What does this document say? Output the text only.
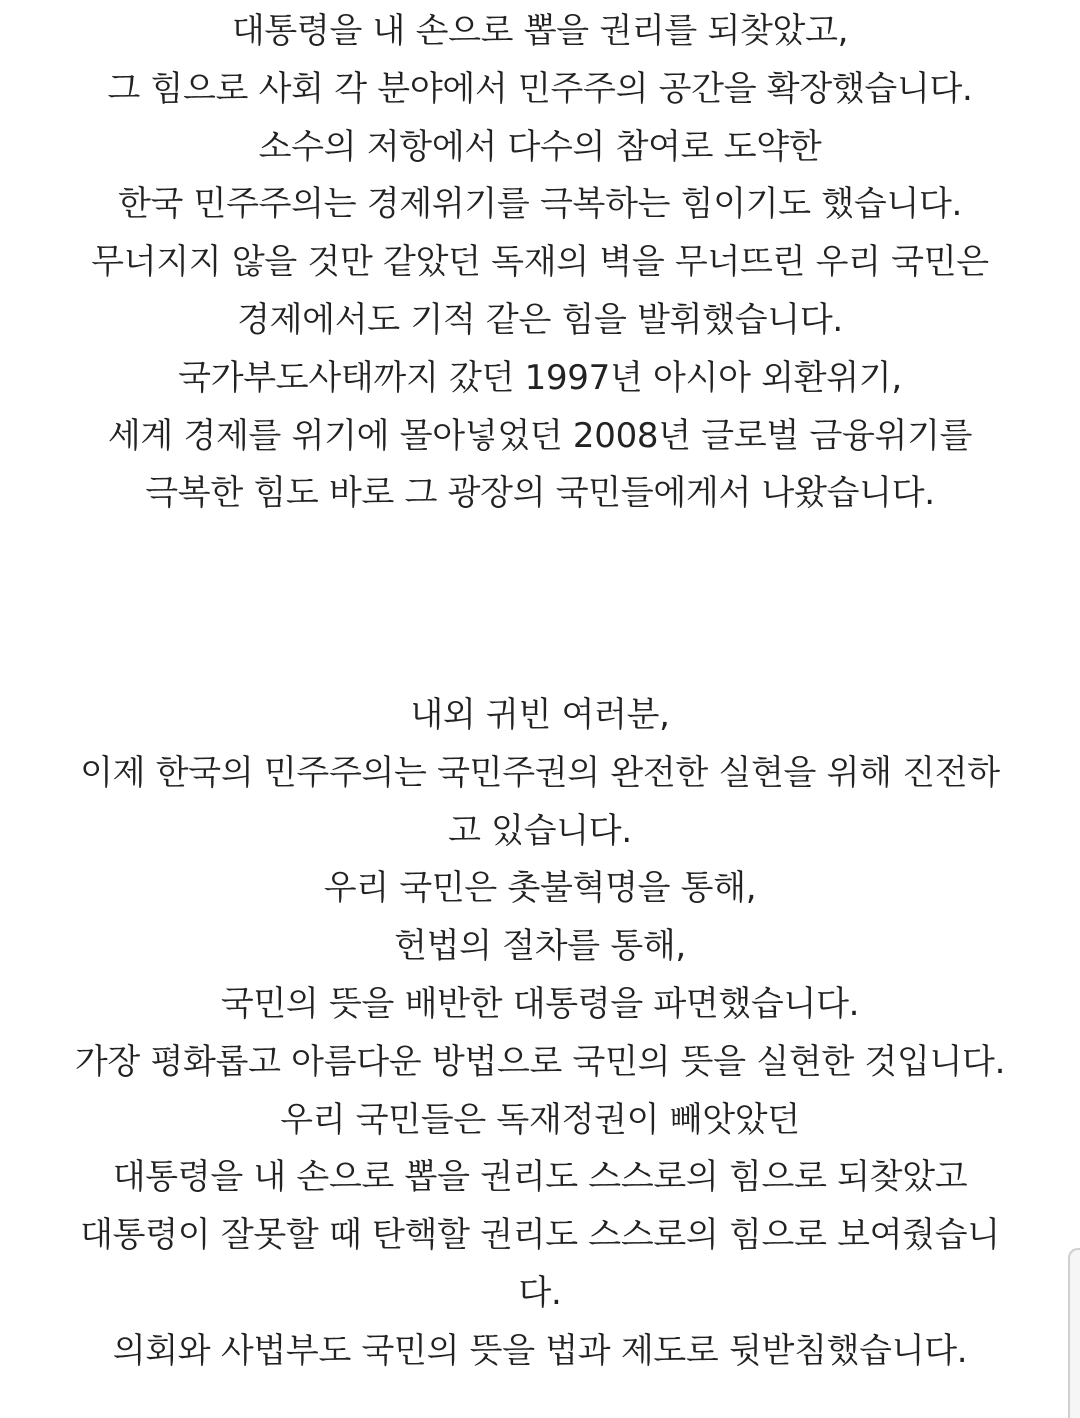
대통령을 내 손으로 뽑을 권리를 되찾았고,
그 힘으로 사회 각 분야에서 민주주의 공간을 확장했습니다.
소수의 저항에서 다수의 참여로 도약한
한국 민주주의는 경제위기를 극복하는 힘이기도 했습니다.
무너지지 않을 것만 같았던 독재의 벽을 무너뜨린 우리 국민은
경제에서도 기적 같은 힘을 발휘했습니다.
국가부도사태까지 갔던 1997년 아시아 외환위기,
세계 경제를 위기에 몰아넣었던 2008년 글로벌 금융위기를
극복한 힘도 바로 그 광장의 국민들에게서 나왔습니다.
내외 귀빈 여러분,
이제 한국의 민주주의는 국민주권의 완전한 실현을 위해 진전하
고 있습니다.
우리 국민은 촛불혁명을 통해,
헌법의 절차를 통해,
국민의 뜻을 배반한 대통령을 파면했습니다.
가장 평화롭고 아름다운 방법으로 국민의 뜻을 실현한 것입니다.
우리 국민들은 독재정권이 빼앗았던
대통령을 내 손으로 뽑을 권리도 스스로의 힘으로 되찾았고
대통령이 잘못할 때 탄핵할 권리도 스스로의 힘으로 보여줬습니
다.
의회와 사법부도 국민의 뜻을 법과 제도로 뒷받침했습니다.
